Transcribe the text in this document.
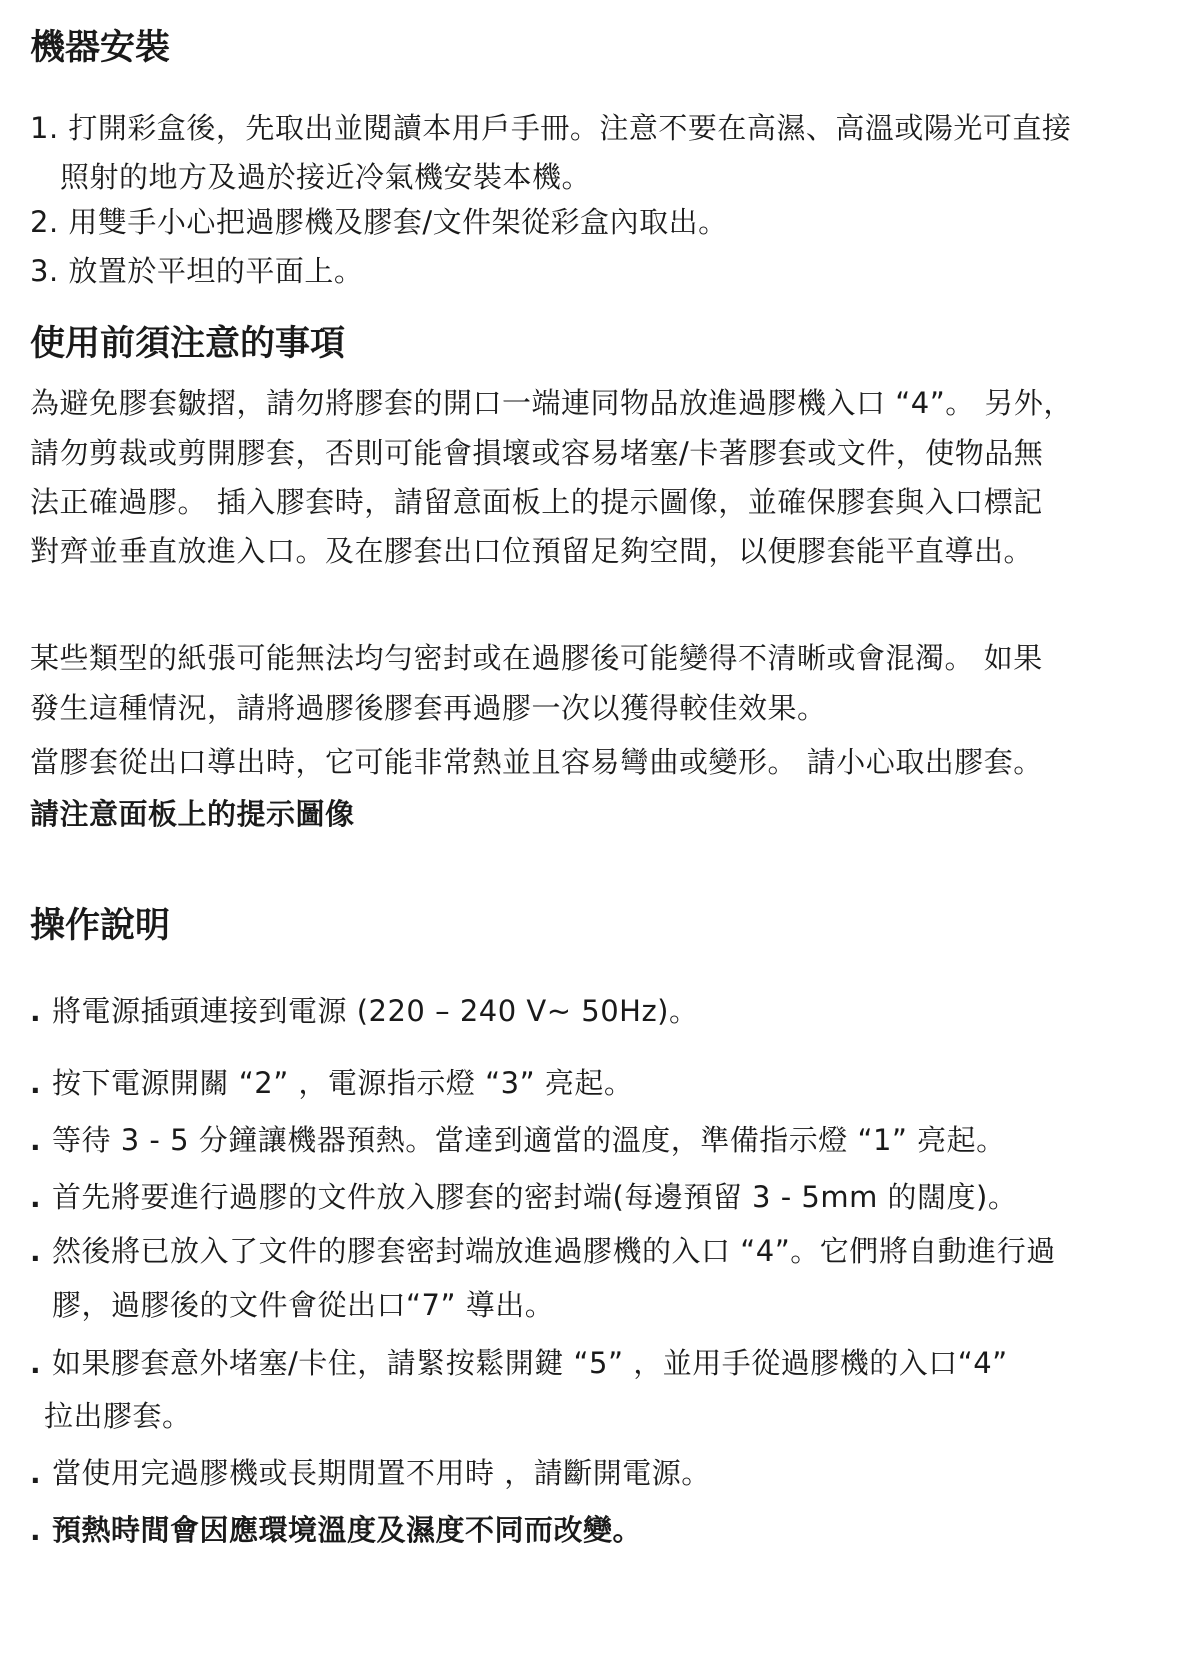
機器安裝
1. 打開彩盒後，先取出並閱讀本用戶手冊。注意不要在高濕、高溫或陽光可直接
照射的地方及過於接近冷氣機安裝本機。
2. 用雙手小心把過膠機及膠套/文件架從彩盒內取出。
3. 放置於平坦的平面上。
使用前須注意的事項
為避免膠套皺摺，請勿將膠套的開口一端連同物品放進過膠機入口 “4”。 另外，
請勿剪裁或剪開膠套，否則可能會損壞或容易堵塞/卡著膠套或文件，使物品無
法正確過膠。 插入膠套時，請留意面板上的提示圖像，並確保膠套與入口標記
對齊並垂直放進入口。及在膠套出口位預留足夠空間，以便膠套能平直導出。
某些類型的紙張可能無法均勻密封或在過膠後可能變得不清晰或會混濁。 如果
發生這種情況，請將過膠後膠套再過膠一次以獲得較佳效果。
當膠套從出口導出時，它可能非常熱並且容易彎曲或變形。 請小心取出膠套。
請注意面板上的提示圖像
操作說明
. 將電源插頭連接到電源 (220 – 240 V~ 50Hz)。
. 按下電源開關 “2” ，電源指示燈 “3” 亮起。
. 等待 3 - 5 分鐘讓機器預熱。當達到適當的溫度，準備指示燈 “1” 亮起。
. 首先將要進行過膠的文件放入膠套的密封端(每邊預留 3 - 5mm 的闊度)。
. 然後將已放入了文件的膠套密封端放進過膠機的入口 “4”。它們將自動進行過
膠，過膠後的文件會從出口“7” 導出。
. 如果膠套意外堵塞/卡住，請緊按鬆開鍵 “5” ，並用手從過膠機的入口“4”
拉出膠套。
. 當使用完過膠機或長期閒置不用時 ，請斷開電源。
. 預熱時間會因應環境溫度及濕度不同而改變。
